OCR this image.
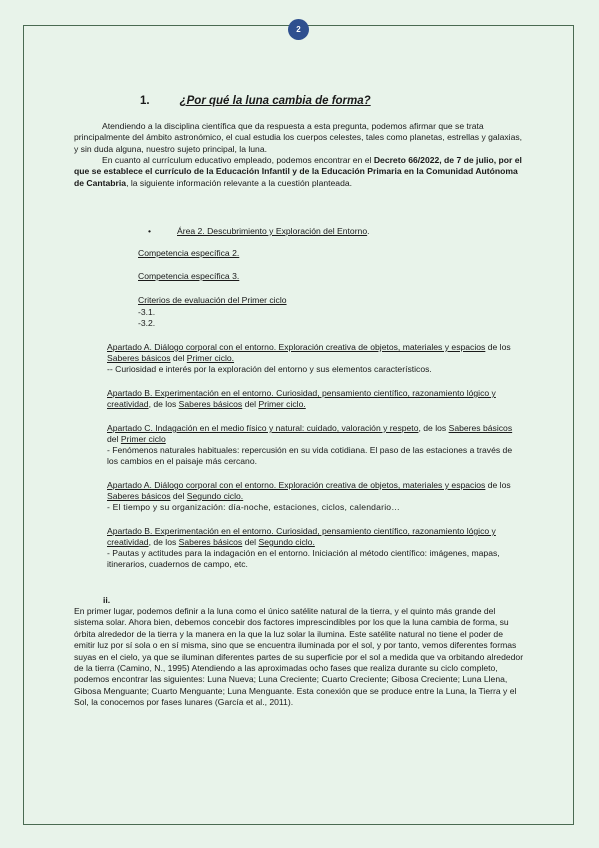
2
1.	¿Por qué la luna cambia de forma?
Atendiendo a la disciplina científica que da respuesta a esta pregunta, podemos afirmar que se trata principalmente del ámbito astronómico, el cual estudia los cuerpos celestes, tales como planetas, estrellas y galaxias, y sin duda alguna, nuestro sujeto principal, la luna.
En cuanto al currículum educativo empleado, podemos encontrar en el Decreto 66/2022, de 7 de julio, por el que se establece el currículo de la Educación Infantil y de la Educación Primaria en la Comunidad Autónoma de Cantabria, la siguiente información relevante a la cuestión planteada.
•	Área 2. Descubrimiento y Exploración del Entorno.
Competencia específica 2.
Competencia específica 3.
Criterios de evaluación del Primer ciclo
-3.1.
-3.2.
Apartado A. Diálogo corporal con el entorno. Exploración creativa de objetos, materiales y espacios de los Saberes básicos del Primer ciclo.
-- Curiosidad e interés por la exploración del entorno y sus elementos característicos.
Apartado B. Experimentación en el entorno. Curiosidad, pensamiento científico, razonamiento lógico y creatividad, de los Saberes básicos del Primer ciclo.
Apartado C. Indagación en el medio físico y natural: cuidado, valoración y respeto, de los Saberes básicos del Primer ciclo
- Fenómenos naturales habituales: repercusión en su vida cotidiana. El paso de las estaciones a través de los cambios en el paisaje más cercano.
Apartado A. Diálogo corporal con el entorno. Exploración creativa de objetos, materiales y espacios de los Saberes básicos del Segundo ciclo.
- El tiempo y su organización: día-noche, estaciones, ciclos, calendario…
Apartado B. Experimentación en el entorno. Curiosidad, pensamiento científico, razonamiento lógico y creatividad, de los Saberes básicos del Segundo ciclo.
- Pautas y actitudes para la indagación en el entorno. Iniciación al método científico: imágenes, mapas, itinerarios, cuadernos de campo, etc.
ii.
En primer lugar, podemos definir a la luna como el único satélite natural de la tierra, y el quinto más grande del sistema solar. Ahora bien, debemos concebir dos factores imprescindibles por los que la luna cambia de forma, su órbita alrededor de la tierra y la manera en la que la luz solar la ilumina. Este satélite natural no tiene el poder de emitir luz por sí sola o en sí misma, sino que se encuentra iluminada por el sol, y por tanto, vemos diferentes formas suyas en el cielo, ya que se iluminan diferentes partes de su superficie por el sol a medida que va orbitando alrededor de la tierra (Camino, N., 1995) Atendiendo a las aproximadas ocho fases que realiza durante su ciclo completo, podemos encontrar las siguientes: Luna Nueva; Luna Creciente; Cuarto Creciente; Gibosa Creciente; Luna Llena, Gibosa Menguante; Cuarto Menguante; Luna Menguante. Esta conexión que se produce entre la Luna, la Tierra y el Sol, la conocemos por fases lunares (García et al., 2011).
